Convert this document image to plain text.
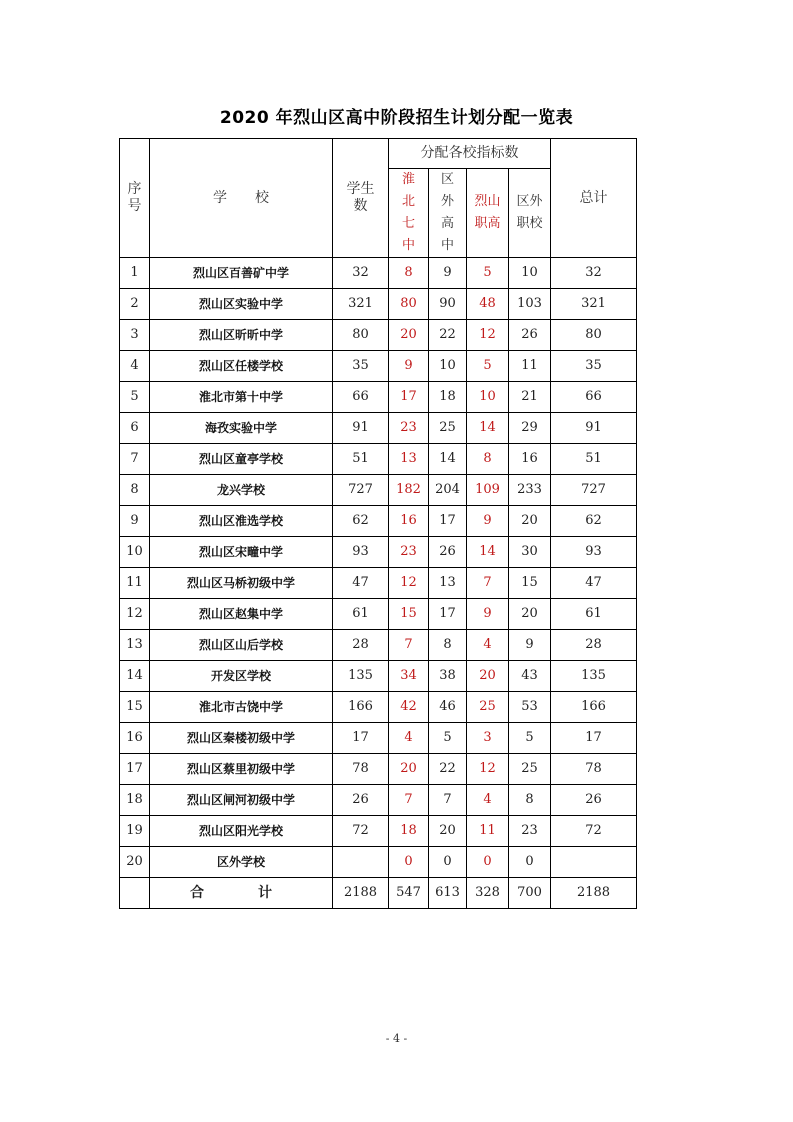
2020 年烈山区高中阶段招生计划分配一览表
序号	学　　校	学生数	分配各校指标数				总计

			淮北七中	区外高中	烈山职高	区外职校	

1	烈山区百善矿中学	32	8	9	5	10	32
2	烈山区实验中学	321	80	90	48	103	321
3	烈山区昕昕中学	80	20	22	12	26	80
4	烈山区任楼学校	35	9	10	5	11	35
5	淮北市第十中学	66	17	18	10	21	66
6	海孜实验中学	91	23	25	14	29	91
7	烈山区童亭学校	51	13	14	8	16	51
8	龙兴学校	727	182	204	109	233	727
9	烈山区淮选学校	62	16	17	9	20	62
10	烈山区宋疃中学	93	23	26	14	30	93
11	烈山区马桥初级中学	47	12	13	7	15	47
12	烈山区赵集中学	61	15	17	9	20	61
13	烈山区山后学校	28	7	8	4	9	28
14	开发区学校	135	34	38	20	43	135
15	淮北市古饶中学	166	42	46	25	53	166
16	烈山区秦楼初级中学	17	4	5	3	5	17
17	烈山区蔡里初级中学	78	20	22	12	25	78
18	烈山区闸河初级中学	26	7	7	4	8	26
19	烈山区阳光学校	72	18	20	11	23	72
20	区外学校		0	0	0	0	
	合　计	2188	547	613	328	700	2188
- 4 -
